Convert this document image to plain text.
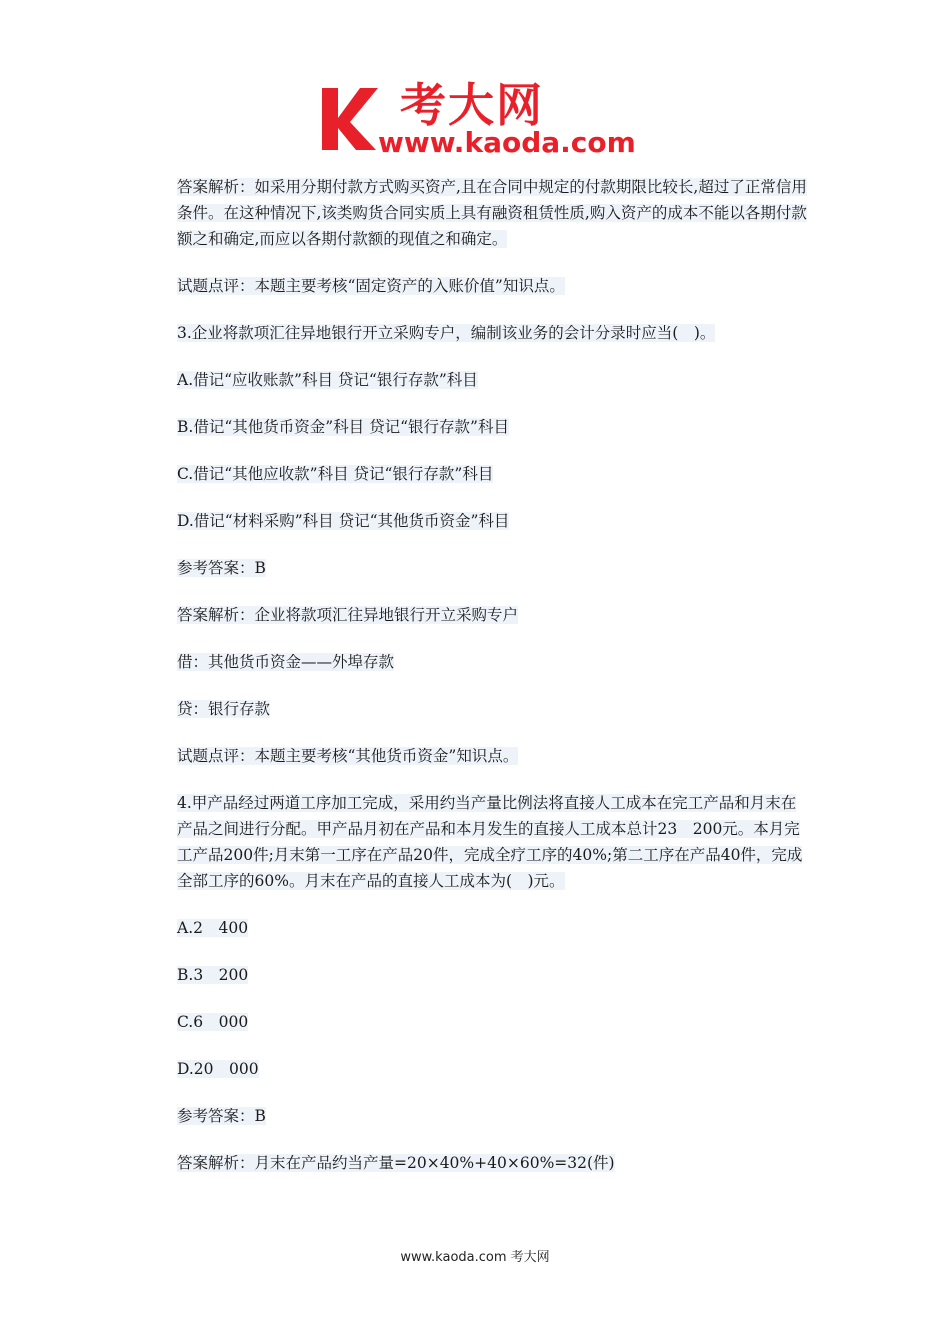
考大网
www.kaoda.com

答案解析：如采用分期付款方式购买资产,且在合同中规定的付款期限比较长,超过了正常信用条件。在这种情况下,该类购货合同实质上具有融资租赁性质,购入资产的成本不能以各期付款额之和确定,而应以各期付款额的现值之和确定。

试题点评：本题主要考核“固定资产的入账价值”知识点。

3.企业将款项汇往异地银行开立采购专户，编制该业务的会计分录时应当(　)。

A.借记“应收账款”科目 贷记“银行存款”科目

B.借记“其他货币资金”科目 贷记“银行存款”科目

C.借记“其他应收款”科目 贷记“银行存款”科目

D.借记“材料采购”科目 贷记“其他货币资金”科目

参考答案：B

答案解析：企业将款项汇往异地银行开立采购专户

借：其他货币资金——外埠存款

贷：银行存款

试题点评：本题主要考核“其他货币资金”知识点。

4.甲产品经过两道工序加工完成，采用约当产量比例法将直接人工成本在完工产品和月末在产品之间进行分配。甲产品月初在产品和本月发生的直接人工成本总计23　200元。本月完工产品200件;月末第一工序在产品20件，完成全疗工序的40%;第二工序在产品40件，完成全部工序的60%。月末在产品的直接人工成本为(　)元。

A.2　400

B.3　200

C.6　000

D.20　000

参考答案：B

答案解析：月末在产品约当产量=20×40%+40×60%=32(件)

www.kaoda.com 考大网
